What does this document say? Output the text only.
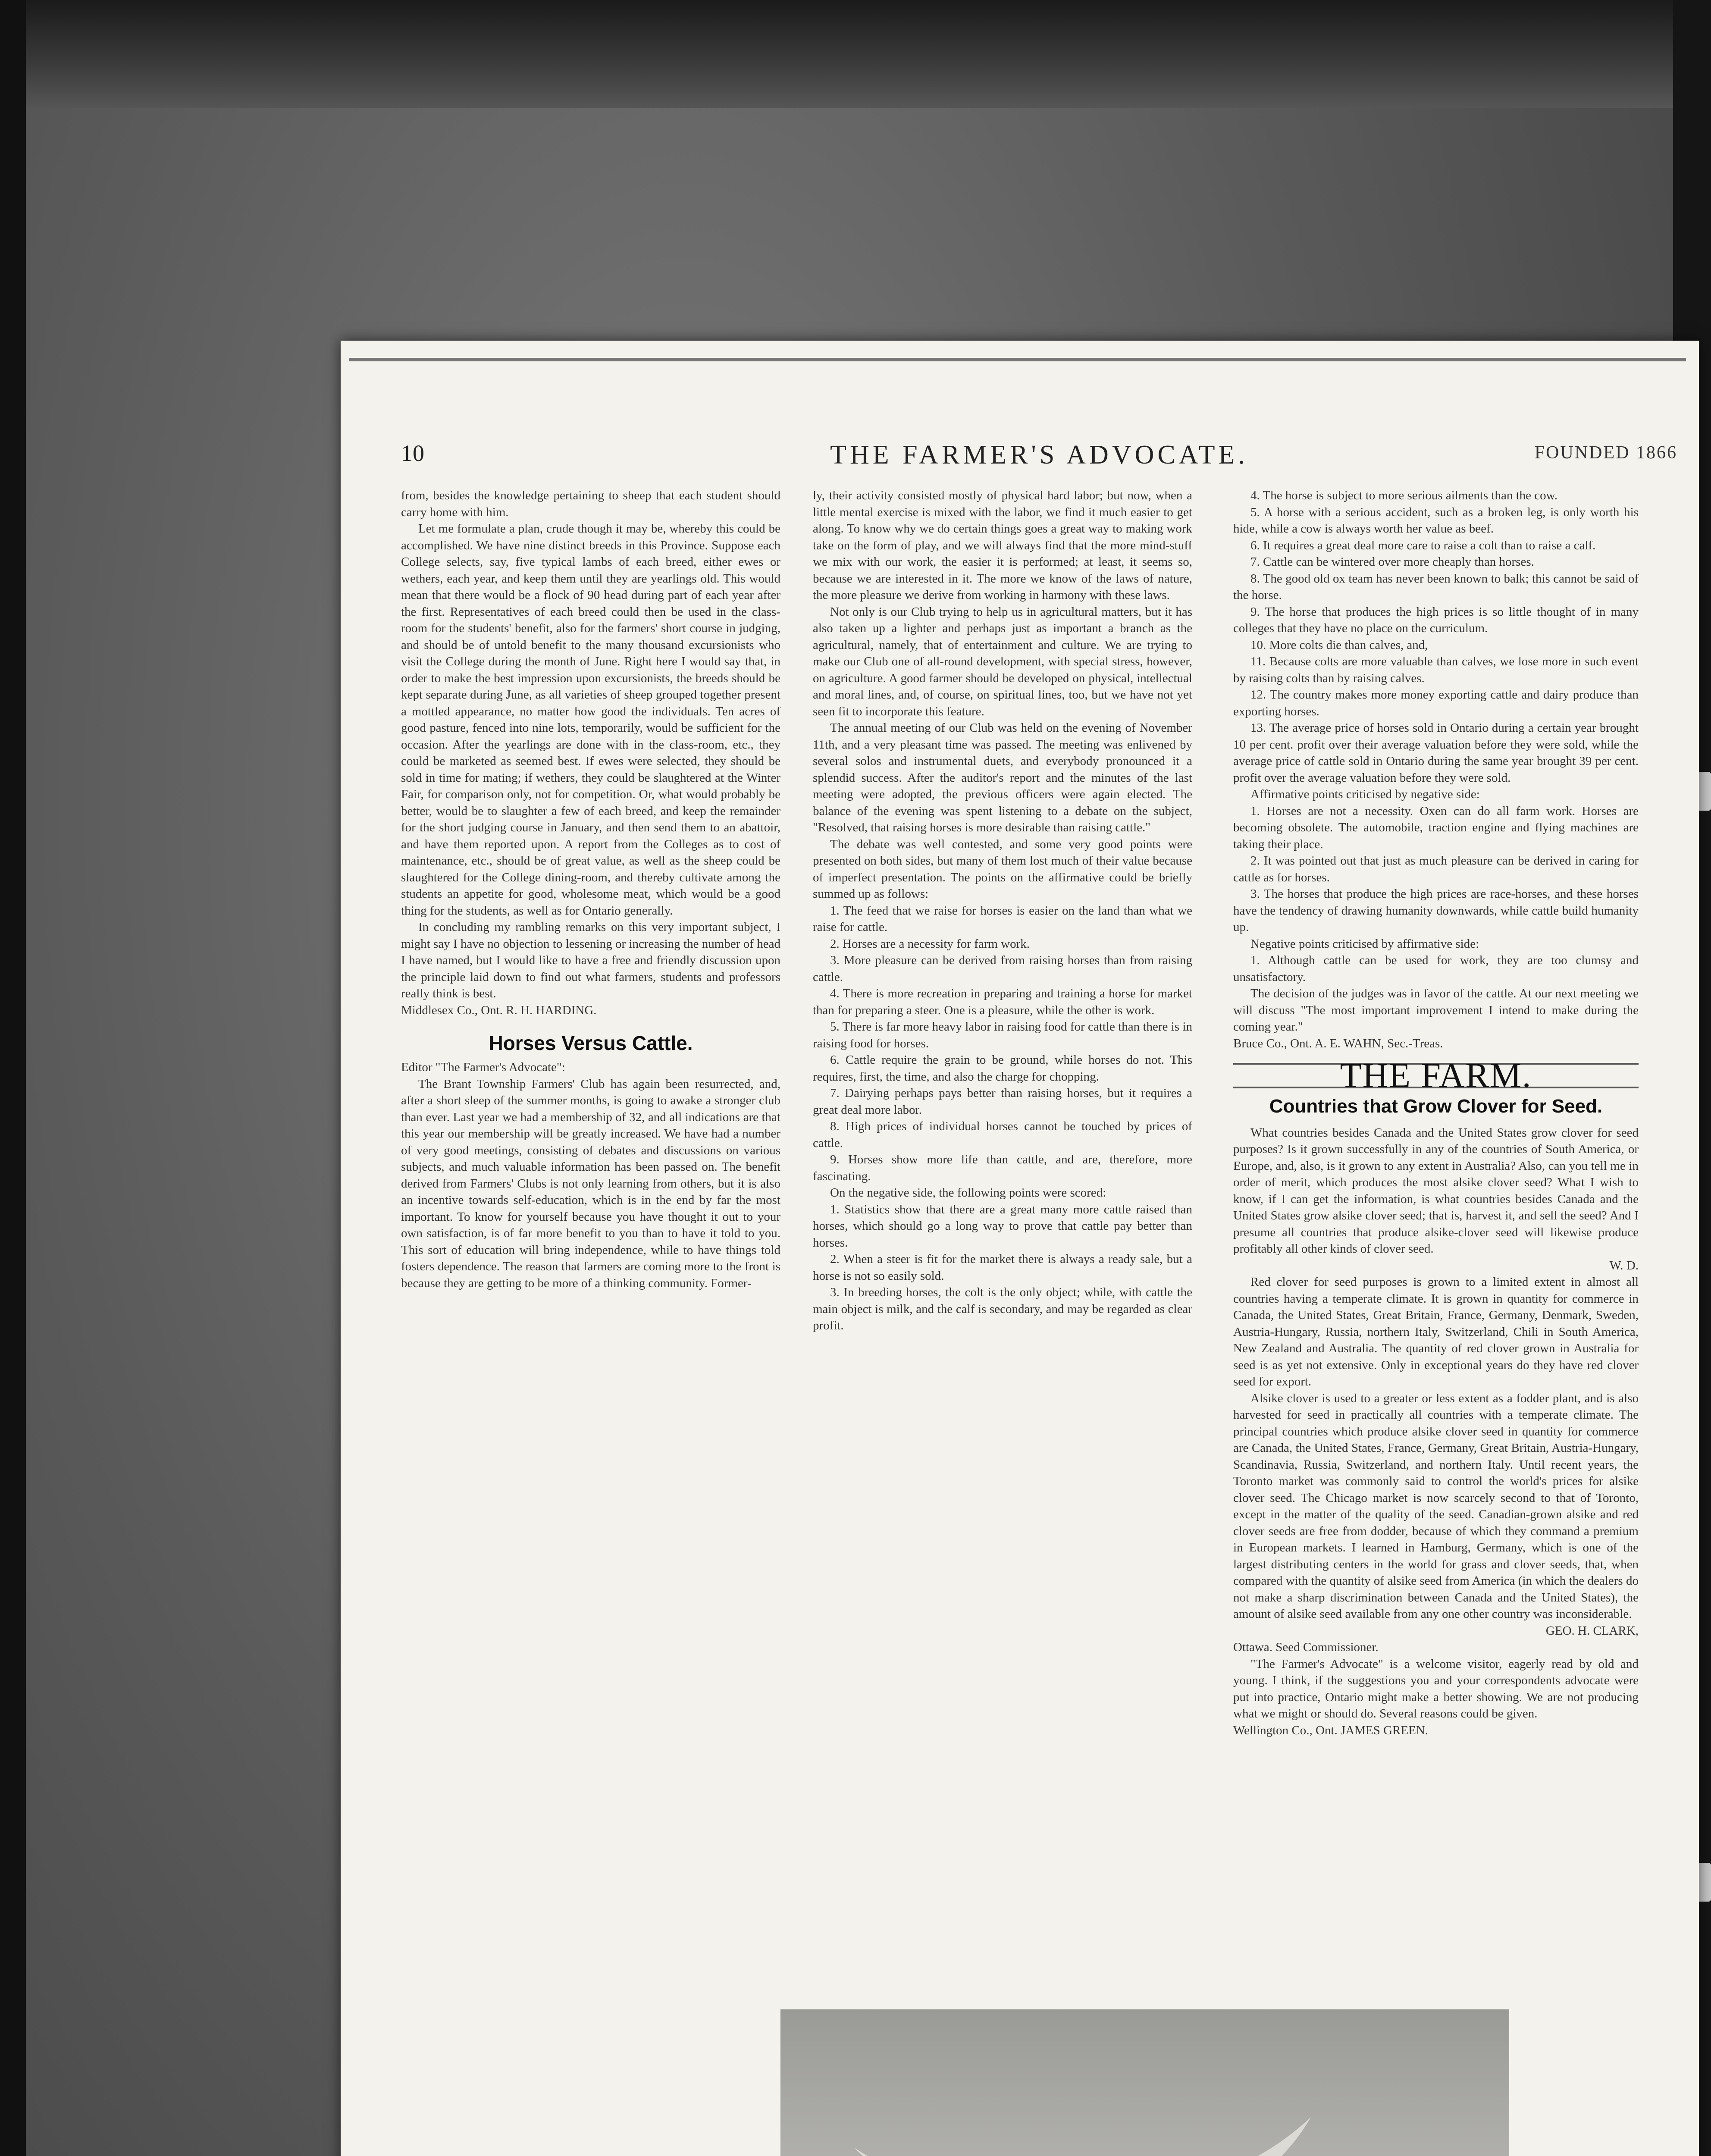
10	THE FARMER'S ADVOCATE.	FOUNDED 1866

from, besides the knowledge pertaining to sheep that each student should carry home with him.

Let me formulate a plan, crude though it may be, whereby this could be accomplished. We have nine distinct breeds in this Province. Suppose each College selects, say, five typical lambs of each breed, either ewes or wethers, each year, and keep them until they are yearlings old. This would mean that there would be a flock of 90 head during part of each year after the first. Representatives of each breed could then be used in the class-room for the students' benefit, also for the farmers' short course in judging, and should be of untold benefit to the many thousand excursionists who visit the College during the month of June. Right here I would say that, in order to make the best impression upon excursionists, the breeds should be kept separate during June, as all varieties of sheep grouped together present a mottled appearance, no matter how good the individuals. Ten acres of good pasture, fenced into nine lots, temporarily, would be sufficient for the occasion. After the yearlings are done with in the class-room, etc., they could be marketed as seemed best. If ewes were selected, they should be sold in time for mating; if wethers, they could be slaughtered at the Winter Fair, for comparison only, not for competition. Or, what would probably be better, would be to slaughter a few of each breed, and keep the remainder for the short judging course in January, and then send them to an abattoir, and have them reported upon. A report from the Colleges as to cost of maintenance, etc., should be of great value, as well as the sheep could be slaughtered for the College dining-room, and thereby cultivate among the students an appetite for good, wholesome meat, which would be a good thing for the students, as well as for Ontario generally.

In concluding my rambling remarks on this very important subject, I might say I have no objection to lessening or increasing the number of head I have named, but I would like to have a free and friendly discussion upon the principle laid down to find out what farmers, students and professors really think is best.

Middlesex Co., Ont. R. H. HARDING.

Horses Versus Cattle.

Editor "The Farmer's Advocate":

The Brant Township Farmers' Club has again been resurrected, and, after a short sleep of the summer months, is going to awake a stronger club than ever. Last year we had a membership of 32, and all indications are that this year our membership will be greatly increased. We have had a number of very good meetings, consisting of debates and discussions on various subjects, and much valuable information has been passed on. The benefit derived from Farmers' Clubs is not only learning from others, but it is also an incentive towards self-education, which is in the end by far the most important. To know for yourself because you have thought it out to your own satisfaction, is of far more benefit to you than to have it told to you. This sort of education will bring independence, while to have things told fosters dependence. The reason that farmers are coming more to the front is because they are getting to be more of a thinking community. Former-

ly, their activity consisted mostly of physical hard labor; but now, when a little mental exercise is mixed with the labor, we find it much easier to get along. To know why we do certain things goes a great way to making work take on the form of play, and we will always find that the more mind-stuff we mix with our work, the easier it is performed; at least, it seems so, because we are interested in it. The more we know of the laws of nature, the more pleasure we derive from working in harmony with these laws.

Not only is our Club trying to help us in agricultural matters, but it has also taken up a lighter and perhaps just as important a branch as the agricultural, namely, that of entertainment and culture. We are trying to make our Club one of all-round development, with special stress, however, on agriculture. A good farmer should be developed on physical, intellectual and moral lines, and, of course, on spiritual lines, too, but we have not yet seen fit to incorporate this feature.

The annual meeting of our Club was held on the evening of November 11th, and a very pleasant time was passed. The meeting was enlivened by several solos and instrumental duets, and everybody pronounced it a splendid success. After the auditor's report and the minutes of the last meeting were adopted, the previous officers were again elected. The balance of the evening was spent listening to a debate on the subject, "Resolved, that raising horses is more desirable than raising cattle."

The debate was well contested, and some very good points were presented on both sides, but many of them lost much of their value because of imperfect presentation. The points on the affirmative could be briefly summed up as follows:

1. The feed that we raise for horses is easier on the land than what we raise for cattle.

2. Horses are a necessity for farm work.

3. More pleasure can be derived from raising horses than from raising cattle.

4. There is more recreation in preparing and training a horse for market than for preparing a steer. One is a pleasure, while the other is work.

5. There is far more heavy labor in raising food for cattle than there is in raising food for horses.

6. Cattle require the grain to be ground, while horses do not. This requires, first, the time, and also the charge for chopping.

7. Dairying perhaps pays better than raising horses, but it requires a great deal more labor.

8. High prices of individual horses cannot be touched by prices of cattle.

9. Horses show more life than cattle, and are, therefore, more fascinating.

On the negative side, the following points were scored:

1. Statistics show that there are a great many more cattle raised than horses, which should go a long way to prove that cattle pay better than horses.

2. When a steer is fit for the market there is always a ready sale, but a horse is not so easily sold.

3. In breeding horses, the colt is the only object; while, with cattle the main object is milk, and the calf is secondary, and may be regarded as clear profit.

4. The horse is subject to more serious ailments than the cow.

5. A horse with a serious accident, such as a broken leg, is only worth his hide, while a cow is always worth her value as beef.

6. It requires a great deal more care to raise a colt than to raise a calf.

7. Cattle can be wintered over more cheaply than horses.

8. The good old ox team has never been known to balk; this cannot be said of the horse.

9. The horse that produces the high prices is so little thought of in many colleges that they have no place on the curriculum.

10. More colts die than calves, and,

11. Because colts are more valuable than calves, we lose more in such event by raising colts than by raising calves.

12. The country makes more money exporting cattle and dairy produce than exporting horses.

13. The average price of horses sold in Ontario during a certain year brought 10 per cent. profit over their average valuation before they were sold, while the average price of cattle sold in Ontario during the same year brought 39 per cent. profit over the average valuation before they were sold.

Affirmative points criticised by negative side:

1. Horses are not a necessity. Oxen can do all farm work. Horses are becoming obsolete. The automobile, traction engine and flying machines are taking their place.

2. It was pointed out that just as much pleasure can be derived in caring for cattle as for horses.

3. The horses that produce the high prices are race-horses, and these horses have the tendency of drawing humanity downwards, while cattle build humanity up.

Negative points criticised by affirmative side:

1. Although cattle can be used for work, they are too clumsy and unsatisfactory.

The decision of the judges was in favor of the cattle. At our next meeting we will discuss "The most important improvement I intend to make during the coming year."

Bruce Co., Ont. A. E. WAHN, Sec.-Treas.

THE FARM.
Countries that Grow Clover for Seed.

What countries besides Canada and the United States grow clover for seed purposes? Is it grown successfully in any of the countries of South America, or Europe, and, also, is it grown to any extent in Australia? Also, can you tell me in order of merit, which produces the most alsike clover seed? What I wish to know, if I can get the information, is what countries besides Canada and the United States grow alsike clover seed; that is, harvest it, and sell the seed? And I presume all countries that produce alsike-clover seed will likewise produce profitably all other kinds of clover seed.

W. D.

Red clover for seed purposes is grown to a limited extent in almost all countries having a temperate climate. It is grown in quantity for commerce in Canada, the United States, Great Britain, France, Germany, Denmark, Sweden, Austria-Hungary, Russia, northern Italy, Switzerland, Chili in South America, New Zealand and Australia. The quantity of red clover grown in Australia for seed is as yet not extensive. Only in exceptional years do they have red clover seed for export.

Alsike clover is used to a greater or less extent as a fodder plant, and is also harvested for seed in practically all countries with a temperate climate. The principal countries which produce alsike clover seed in quantity for commerce are Canada, the United States, France, Germany, Great Britain, Austria-Hungary, Scandinavia, Russia, Switzerland, and northern Italy. Until recent years, the Toronto market was commonly said to control the world's prices for alsike clover seed. The Chicago market is now scarcely second to that of Toronto, except in the matter of the quality of the seed. Canadian-grown alsike and red clover seeds are free from dodder, because of which they command a premium in European markets. I learned in Hamburg, Germany, which is one of the largest distributing centers in the world for grass and clover seeds, that, when compared with the quantity of alsike seed from America (in which the dealers do not make a sharp discrimination between Canada and the United States), the amount of alsike seed available from any one other country was inconsiderable.

GEO. H. CLARK,

Ottawa. Seed Commissioner.

"The Farmer's Advocate" is a welcome visitor, eagerly read by old and young. I think, if the suggestions you and your correspondents advocate were put into practice, Ontario might make a better showing. We are not producing what we might or should do. Several reasons could be given.

Wellington Co., Ont. JAMES GREEN.
